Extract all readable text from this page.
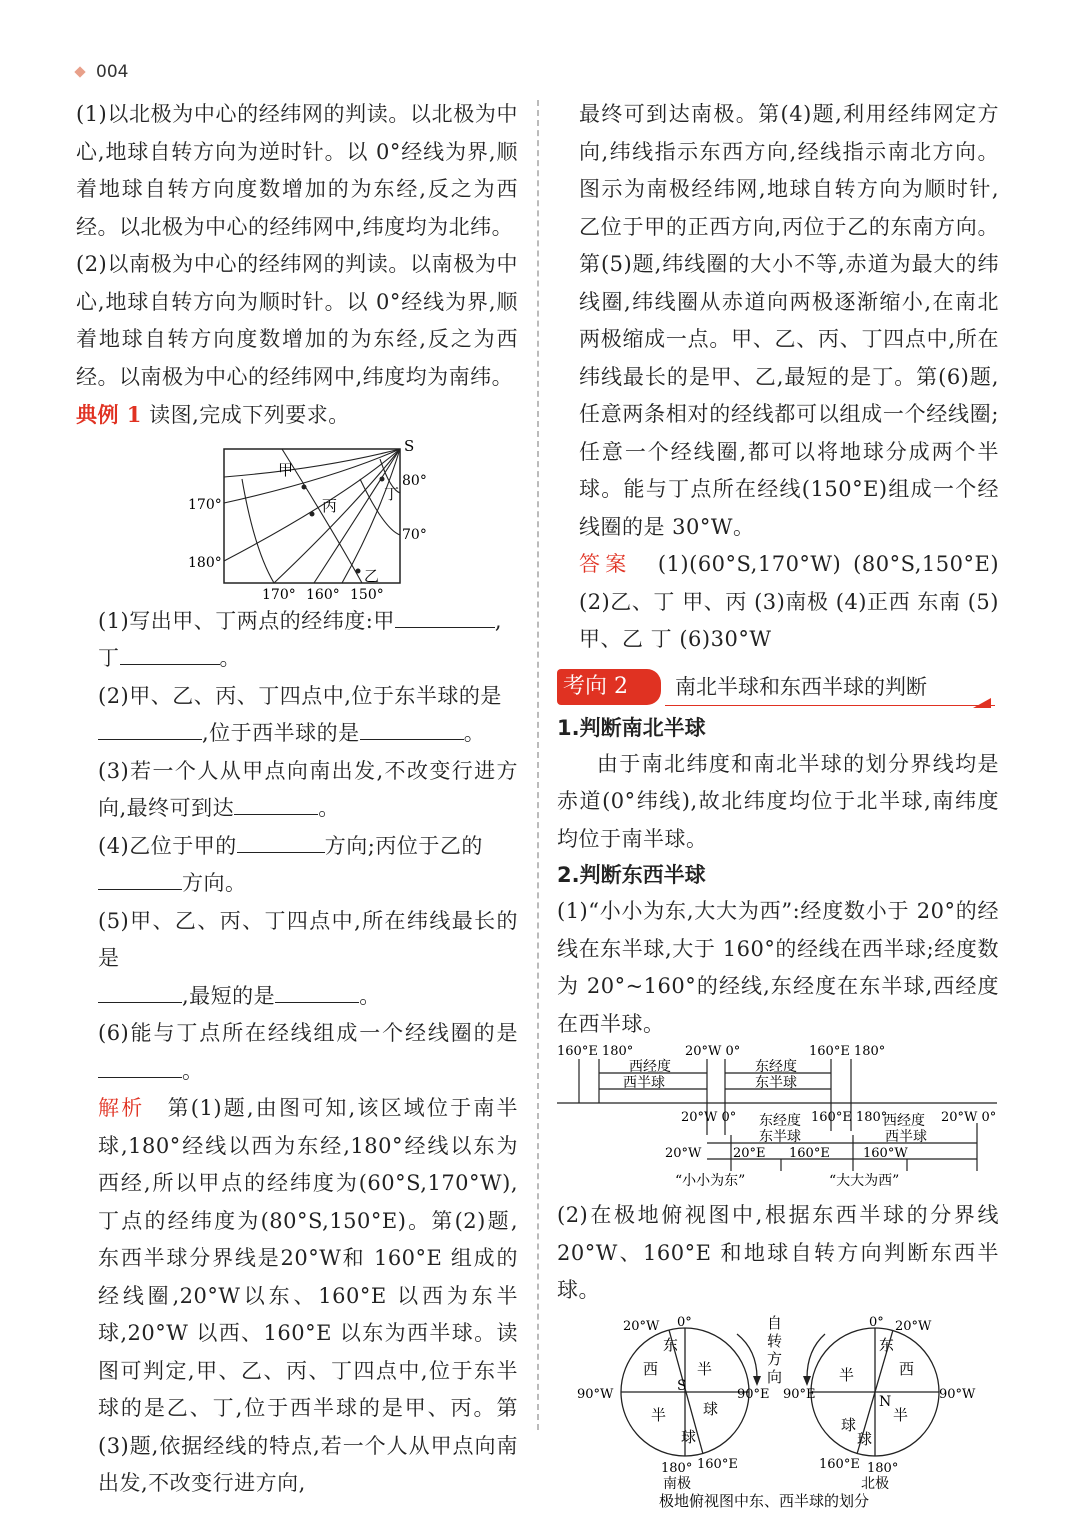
004

(1)以北极为中心的经纬网的判读。以北极为中心,地球自转方向为逆时针。以 0°经线为界,顺着地球自转方向度数增加的为东经,反之为西经。以北极为中心的经纬网中,纬度均为北纬。

(2)以南极为中心的经纬网的判读。以南极为中心,地球自转方向为顺时针。以 0°经线为界,顺着地球自转方向度数增加的为东经,反之为西经。以南极为中心的经纬网中,纬度均为南纬。

典例 1 读图,完成下列要求。

S
甲
丙
丁
乙
170°
180°
80°
70°
170° 160° 150°

(1)写出甲、丁两点的经纬度:甲	,
丁	。

(2)甲、乙、丙、丁四点中,位于东半球的是
,位于西半球的是	。

(3)若一个人从甲点向南出发,不改变行进方向,最终可到达	。

(4)乙位于甲的	方向;丙位于乙的
方向。

(5)甲、乙、丙、丁四点中,所在纬线最长的是
,最短的是	。

(6)能与丁点所在经线组成一个经线圈的是。

解析　 第(1)题,由图可知,该区域位于南半球,180°经线以西为东经,180°经线以东为西经,所以甲点的经纬度为(60°S,170°W),丁点的经纬度为(80°S,150°E)。第(2)题,东西半球分界线是20°W和 160°E 组成的经线圈,20°W以东、160°E 以西为东半球,20°W 以西、160°E 以东为西半球。读图可判定,甲、乙、丙、丁四点中,位于东半球的是乙、丁,位于西半球的是甲、丙。第(3)题,依据经线的特点,若一个人从甲点向南出发,不改变行进方向,

最终可到达南极。第(4)题,利用经纬网定方向,纬线指示东西方向,经线指示南北方向。图示为南极经纬网,地球自转方向为顺时针,乙位于甲的正西方向,丙位于乙的东南方向。第(5)题,纬线圈的大小不等,赤道为最大的纬线圈,纬线圈从赤道向两极逐渐缩小,在南北两极缩成一点。甲、乙、丙、丁四点中,所在纬线最长的是甲、乙,最短的是丁。第(6)题,任意两条相对的经线都可以组成一个经线圈;任意一个经线圈,都可以将地球分成两个半球。能与丁点所在经线(150°E)组成一个经线圈的是 30°W。

答案　 (1)(60°S,170°W) (80°S,150°E) (2)乙、丁 甲、丙 (3)南极 (4)正西 东南 (5)甲、乙 丁 (6)30°W

考向 2	南北半球和东西半球的判断

1.判断南北半球

由于南北纬度和南北半球的划分界线均是赤道(0°纬线),故北纬度均位于北半球,南纬度均位于南半球。

2.判断东西半球

(1)“小小为东,大大为西”:经度数小于 20°的经线在东半球,大于 160°的经线在西半球;经度数为 20°~160°的经线,东经度在东半球,西经度在西半球。

160°E 180°	20°W 0°	160°E 180°
西经度
西半球
东经度
东半球
20°W 0° 东经度 160°E 180°
西经度 20°W 0°
东半球	西半球
20°W 20°E 160°E	160°W
“小小为东”	“大大为西”

(2)在极地俯视图中,根据东西半球的分界线 20°W、160°E 和地球自转方向判断东西半球。

20°W 0°
90°W	90°E
180° 160°E
S
西
东
半
半 球
球
自
转
方
向
南极
0° 20°W
90°E	90°W
160°E 180°
N
东
西
半
半
球
球
北极
极地俯视图中东、西半球的划分
